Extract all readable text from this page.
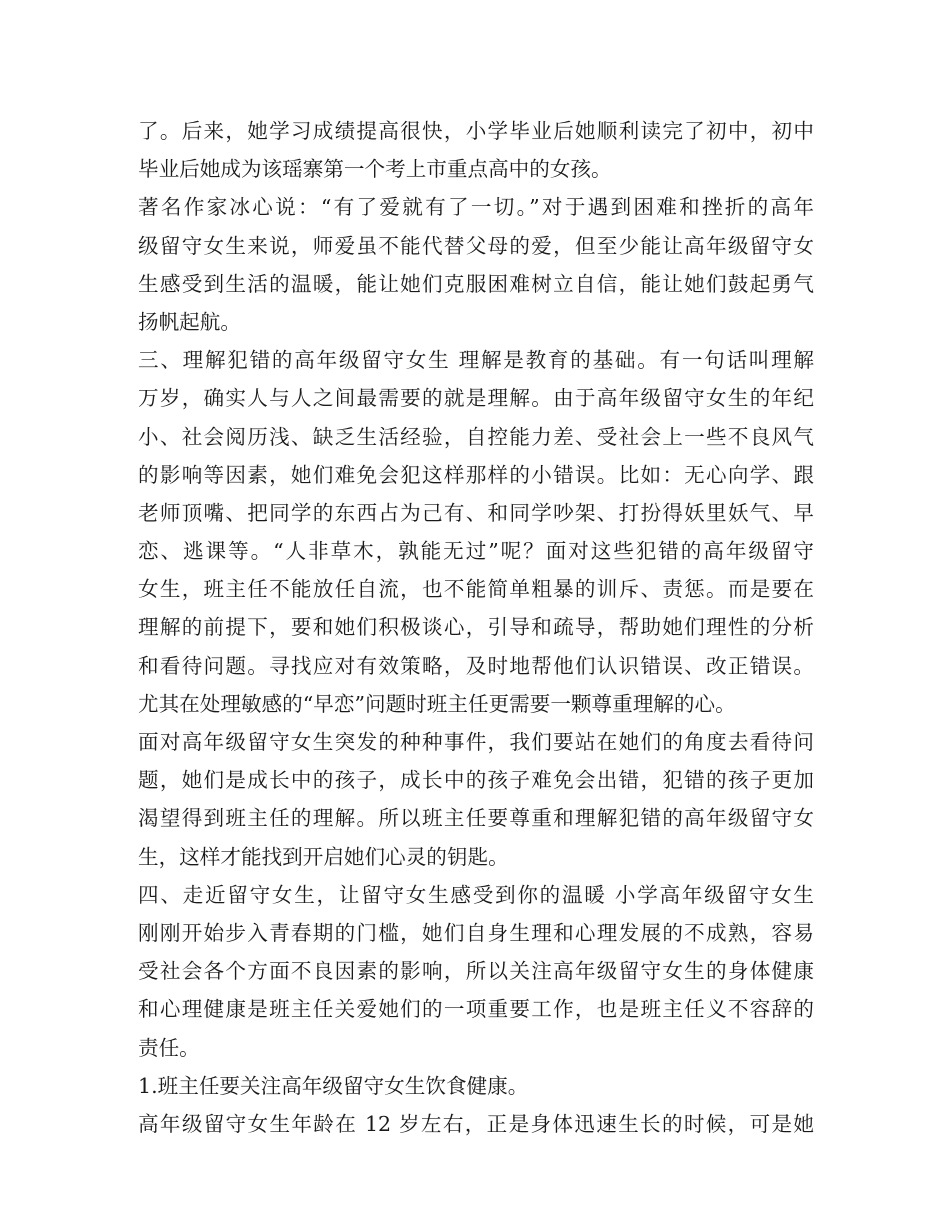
了。后来，她学习成绩提高很快，小学毕业后她顺利读完了初中，初中
毕业后她成为该瑶寨第一个考上市重点高中的女孩。
著名作家冰心说：“有了爱就有了一切。”对于遇到困难和挫折的高年
级留守女生来说，师爱虽不能代替父母的爱，但至少能让高年级留守女
生感受到生活的温暖，能让她们克服困难树立自信，能让她们鼓起勇气
扬帆起航。
三、理解犯错的高年级留守女生 理解是教育的基础。有一句话叫理解
万岁，确实人与人之间最需要的就是理解。由于高年级留守女生的年纪
小、社会阅历浅、缺乏生活经验，自控能力差、受社会上一些不良风气
的影响等因素，她们难免会犯这样那样的小错误。比如：无心向学、跟
老师顶嘴、把同学的东西占为己有、和同学吵架、打扮得妖里妖气、早
恋、逃课等。“人非草木，孰能无过”呢？面对这些犯错的高年级留守
女生，班主任不能放任自流，也不能简单粗暴的训斥、责惩。而是要在
理解的前提下，要和她们积极谈心，引导和疏导，帮助她们理性的分析
和看待问题。寻找应对有效策略，及时地帮他们认识错误、改正错误。
尤其在处理敏感的“早恋”问题时班主任更需要一颗尊重理解的心。
面对高年级留守女生突发的种种事件，我们要站在她们的角度去看待问
题，她们是成长中的孩子，成长中的孩子难免会出错，犯错的孩子更加
渴望得到班主任的理解。所以班主任要尊重和理解犯错的高年级留守女
生，这样才能找到开启她们心灵的钥匙。
四、走近留守女生，让留守女生感受到你的温暖 小学高年级留守女生
刚刚开始步入青春期的门槛，她们自身生理和心理发展的不成熟，容易
受社会各个方面不良因素的影响，所以关注高年级留守女生的身体健康
和心理健康是班主任关爱她们的一项重要工作，也是班主任义不容辞的
责任。
1.班主任要关注高年级留守女生饮食健康。
高年级留守女生年龄在 12 岁左右，正是身体迅速生长的时候，可是她
